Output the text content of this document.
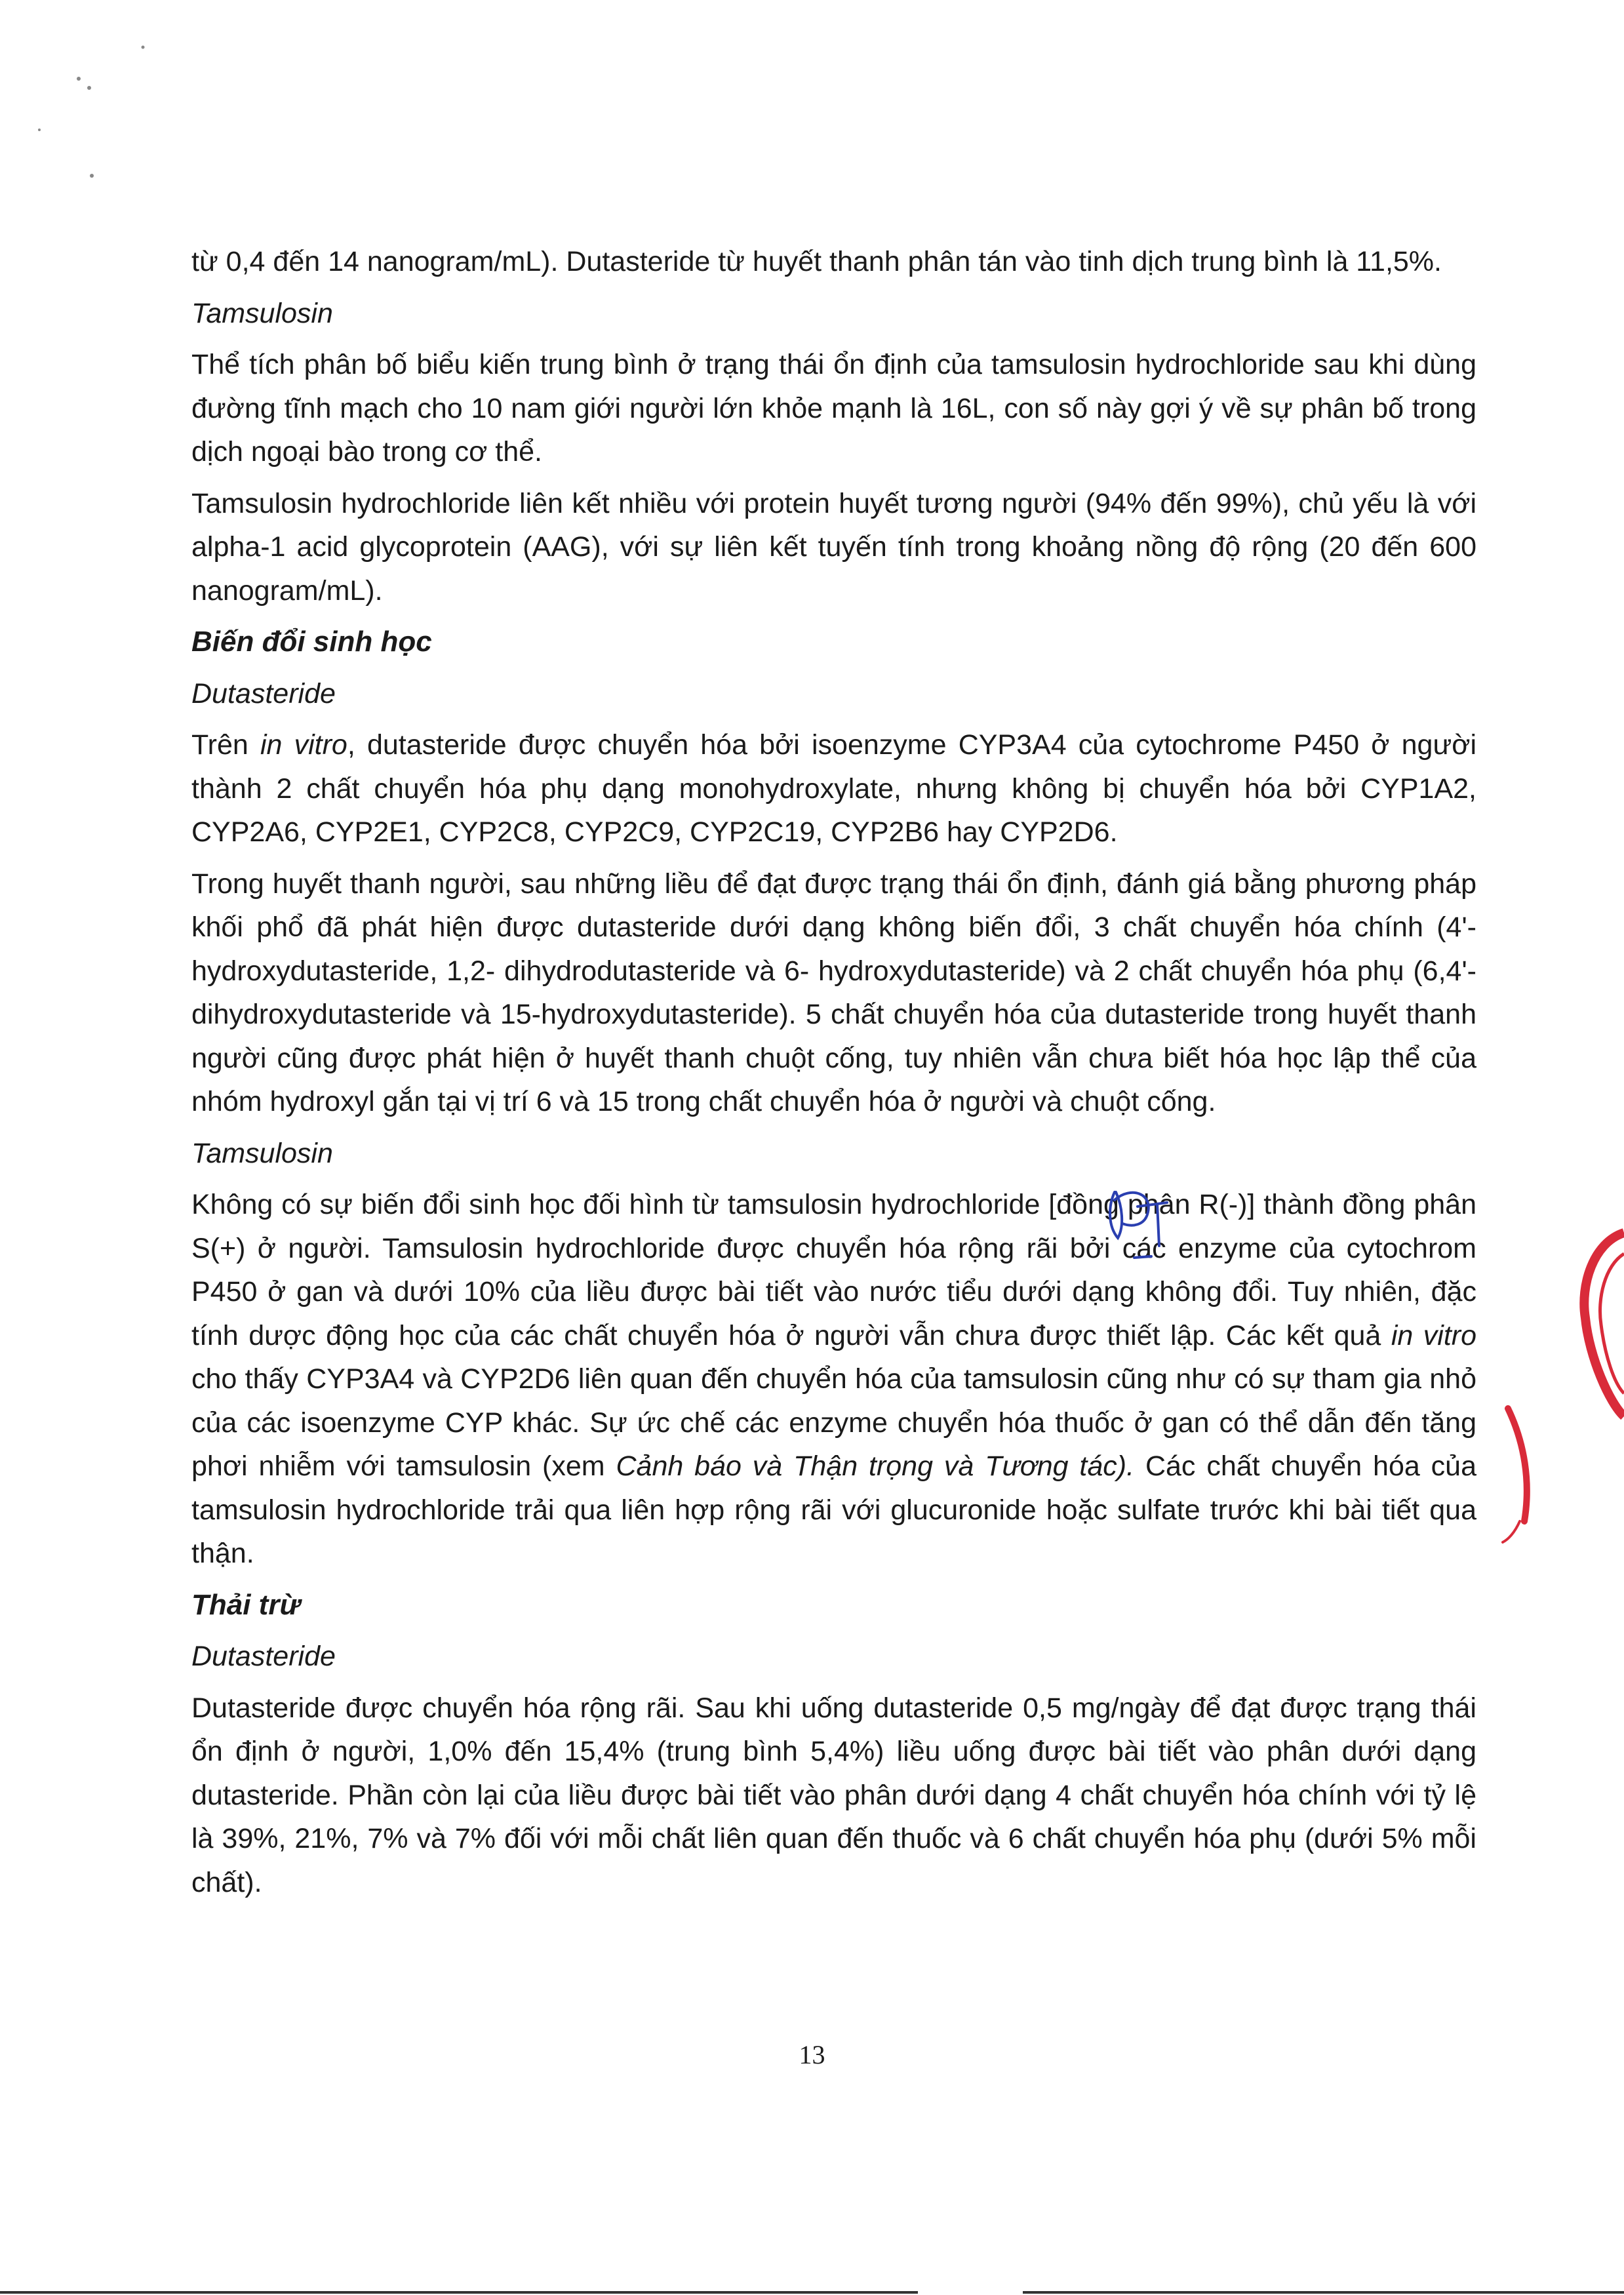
từ 0,4 đến 14 nanogram/mL). Dutasteride từ huyết thanh phân tán vào tinh dịch trung bình là 11,5%.

Tamsulosin

Thể tích phân bố biểu kiến trung bình ở trạng thái ổn định của tamsulosin hydrochloride sau khi dùng đường tĩnh mạch cho 10 nam giới người lớn khỏe mạnh là 16L, con số này gợi ý về sự phân bố trong dịch ngoại bào trong cơ thể.

Tamsulosin hydrochloride liên kết nhiều với protein huyết tương người (94% đến 99%), chủ yếu là với alpha-1 acid glycoprotein (AAG), với sự liên kết tuyến tính trong khoảng nồng độ rộng (20 đến 600 nanogram/mL).

Biến đổi sinh học

Dutasteride

Trên in vitro, dutasteride được chuyển hóa bởi isoenzyme CYP3A4 của cytochrome P450 ở người thành 2 chất chuyển hóa phụ dạng monohydroxylate, nhưng không bị chuyển hóa bởi CYP1A2, CYP2A6, CYP2E1, CYP2C8, CYP2C9, CYP2C19, CYP2B6 hay CYP2D6.

Trong huyết thanh người, sau những liều để đạt được trạng thái ổn định, đánh giá bằng phương pháp khối phổ đã phát hiện được dutasteride dưới dạng không biến đổi, 3 chất chuyển hóa chính (4'-hydroxydutasteride, 1,2- dihydrodutasteride và 6- hydroxydutasteride) và 2 chất chuyển hóa phụ (6,4'- dihydroxydutasteride và 15-hydroxydutasteride). 5 chất chuyển hóa của dutasteride trong huyết thanh người cũng được phát hiện ở huyết thanh chuột cống, tuy nhiên vẫn chưa biết hóa học lập thể của nhóm hydroxyl gắn tại vị trí 6 và 15 trong chất chuyển hóa ở người và chuột cống.

Tamsulosin

Không có sự biến đổi sinh học đối hình từ tamsulosin hydrochloride [đồng phân R(-)] thành đồng phân S(+) ở người. Tamsulosin hydrochloride được chuyển hóa rộng rãi bởi các enzyme của cytochrom P450 ở gan và dưới 10% của liều được bài tiết vào nước tiểu dưới dạng không đổi. Tuy nhiên, đặc tính dược động học của các chất chuyển hóa ở người vẫn chưa được thiết lập. Các kết quả in vitro cho thấy CYP3A4 và CYP2D6 liên quan đến chuyển hóa của tamsulosin cũng như có sự tham gia nhỏ của các isoenzyme CYP khác. Sự ức chế các enzyme chuyển hóa thuốc ở gan có thể dẫn đến tăng phơi nhiễm với tamsulosin (xem Cảnh báo và Thận trọng và Tương tác). Các chất chuyển hóa của tamsulosin hydrochloride trải qua liên hợp rộng rãi với glucuronide hoặc sulfate trước khi bài tiết qua thận.

Thải trừ

Dutasteride

Dutasteride được chuyển hóa rộng rãi. Sau khi uống dutasteride 0,5 mg/ngày để đạt được trạng thái ổn định ở người, 1,0% đến 15,4% (trung bình 5,4%) liều uống được bài tiết vào phân dưới dạng dutasteride. Phần còn lại của liều được bài tiết vào phân dưới dạng 4 chất chuyển hóa chính với tỷ lệ là 39%, 21%, 7% và 7% đối với mỗi chất liên quan đến thuốc và 6 chất chuyển hóa phụ (dưới 5% mỗi chất).

13
